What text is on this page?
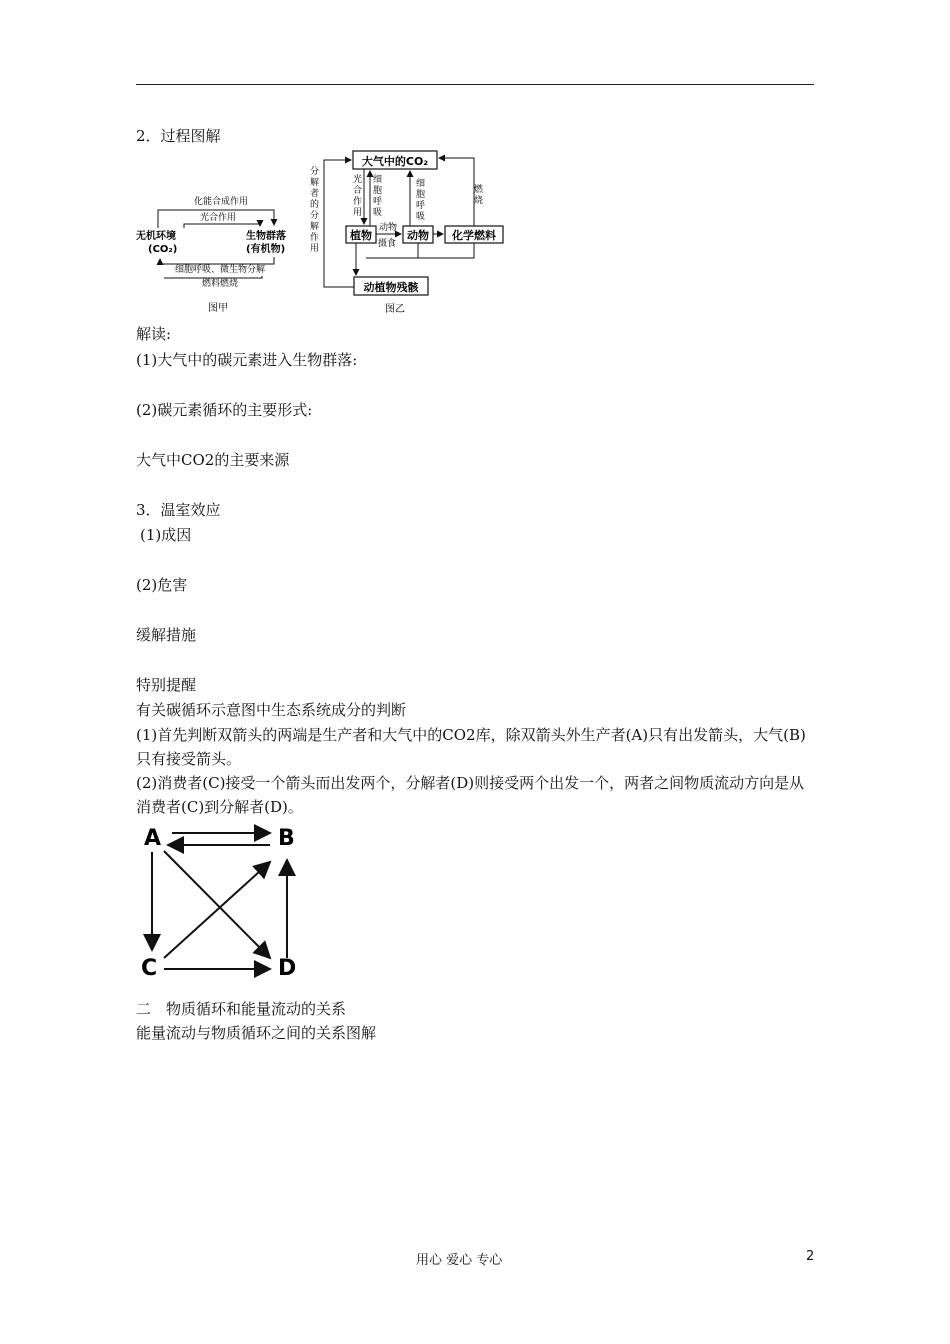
2．过程图解
化能合成作用
光合作用
无机环境
(CO₂)
生物群落
(有机物)
细胞呼吸、微生物分解
燃料燃烧
图甲
大气中的CO₂
植物	动物 化学燃料
动植物残骸
分解者的分解作用
光合作用
细胞呼吸
细胞呼吸
燃烧
动物
摄食
图乙
解读:
(1)大气中的碳元素进入生物群落:
(2)碳元素循环的主要形式:
大气中CO2的主要来源
3．温室效应
(1)成因
(2)危害
缓解措施
特别提醒
有关碳循环示意图中生态系统成分的判断
(1)首先判断双箭头的两端是生产者和大气中的CO2库，除双箭头外生产者(A)只有出发箭头，大气(B)只有接受箭头。
(2)消费者(C)接受一个箭头而出发两个，分解者(D)则接受两个出发一个，两者之间物质流动方向是从消费者(C)到分解者(D)。
A	B
C	D
二　物质循环和能量流动的关系
能量流动与物质循环之间的关系图解
用心 爱心 专心	2
